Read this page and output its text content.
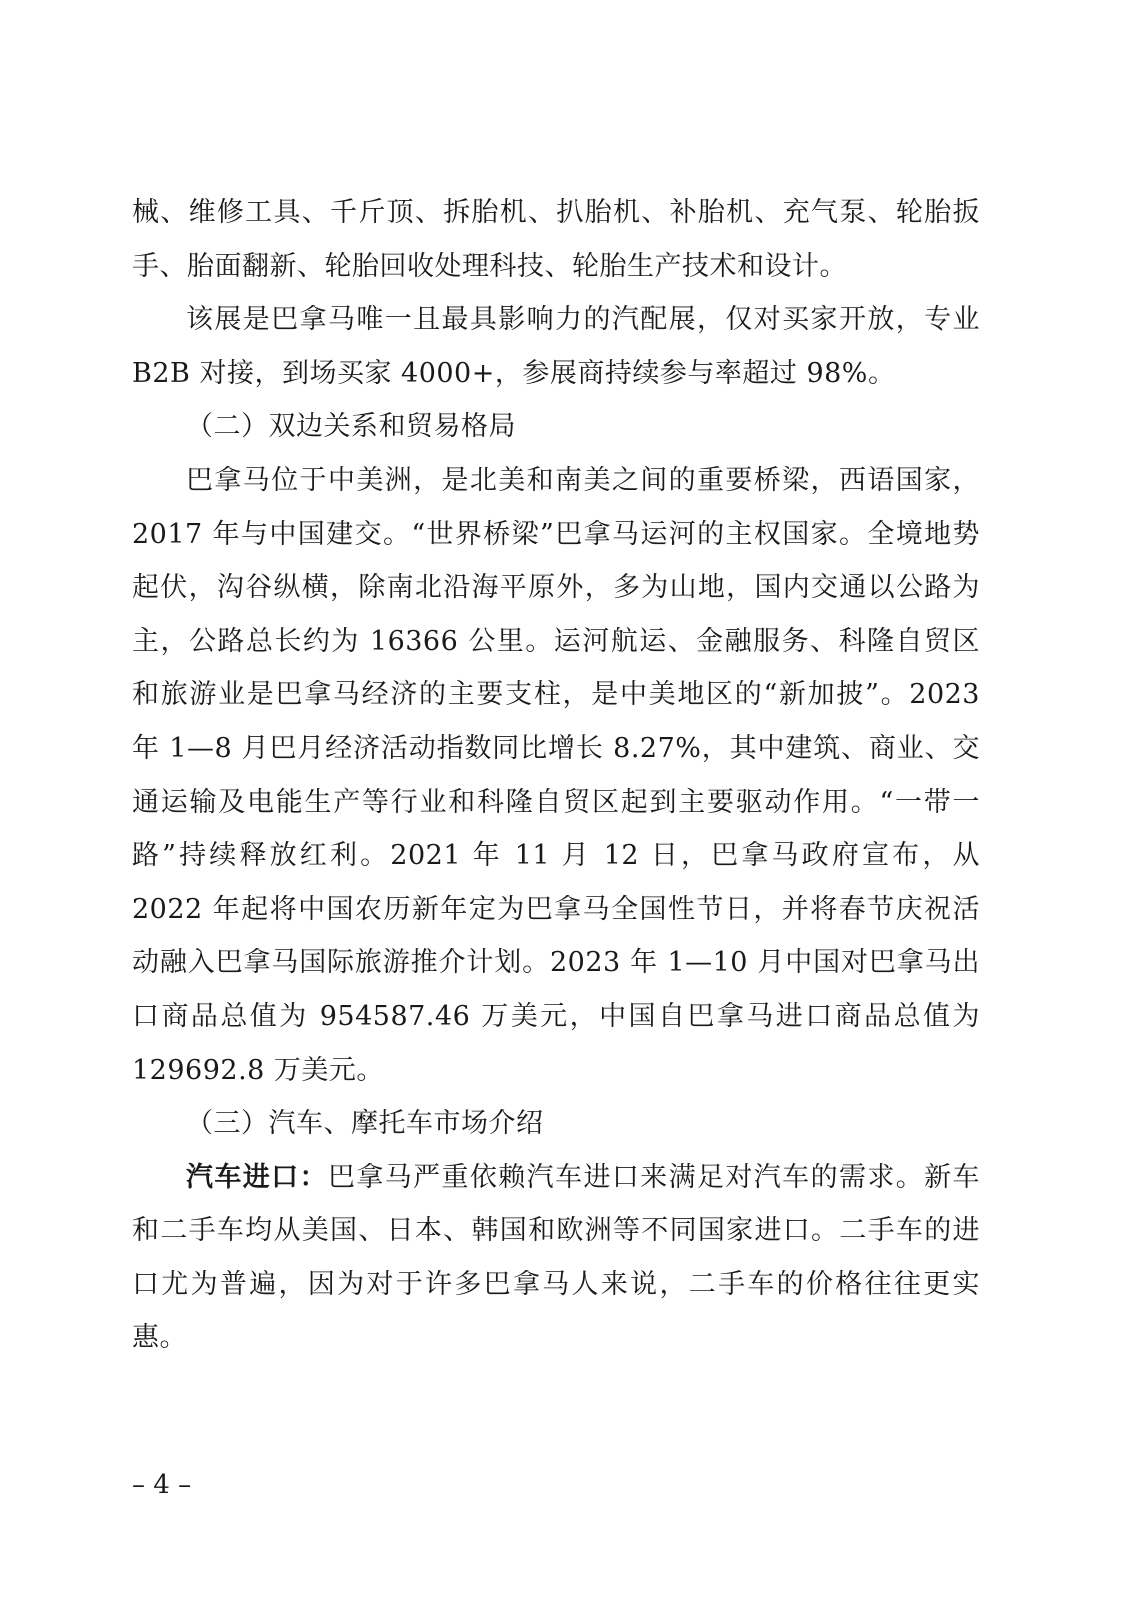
械、维修工具、千斤顶、拆胎机、扒胎机、补胎机、充气泵、轮胎扳手、胎面翻新、轮胎回收处理科技、轮胎生产技术和设计。

该展是巴拿马唯一且最具影响力的汽配展，仅对买家开放，专业 B2B 对接，到场买家 4000+，参展商持续参与率超过 98%。

（二）双边关系和贸易格局

巴拿马位于中美洲，是北美和南美之间的重要桥梁，西语国家，2017 年与中国建交。“世界桥梁”巴拿马运河的主权国家。全境地势起伏，沟谷纵横，除南北沿海平原外，多为山地，国内交通以公路为主，公路总长约为 16366 公里。运河航运、金融服务、科隆自贸区和旅游业是巴拿马经济的主要支柱，是中美地区的“新加披”。2023 年 1—8 月巴月经济活动指数同比增长 8.27%，其中建筑、商业、交通运输及电能生产等行业和科隆自贸区起到主要驱动作用。“一带一路”持续释放红利。2021 年 11 月 12 日，巴拿马政府宣布，从 2022 年起将中国农历新年定为巴拿马全国性节日，并将春节庆祝活动融入巴拿马国际旅游推介计划。2023 年 1—10 月中国对巴拿马出口商品总值为 954587.46 万美元，中国自巴拿马进口商品总值为 129692.8 万美元。

（三）汽车、摩托车市场介绍

汽车进口：巴拿马严重依赖汽车进口来满足对汽车的需求。新车和二手车均从美国、日本、韩国和欧洲等不同国家进口。二手车的进口尤为普遍，因为对于许多巴拿马人来说，二手车的价格往往更实惠。

– 4 –
